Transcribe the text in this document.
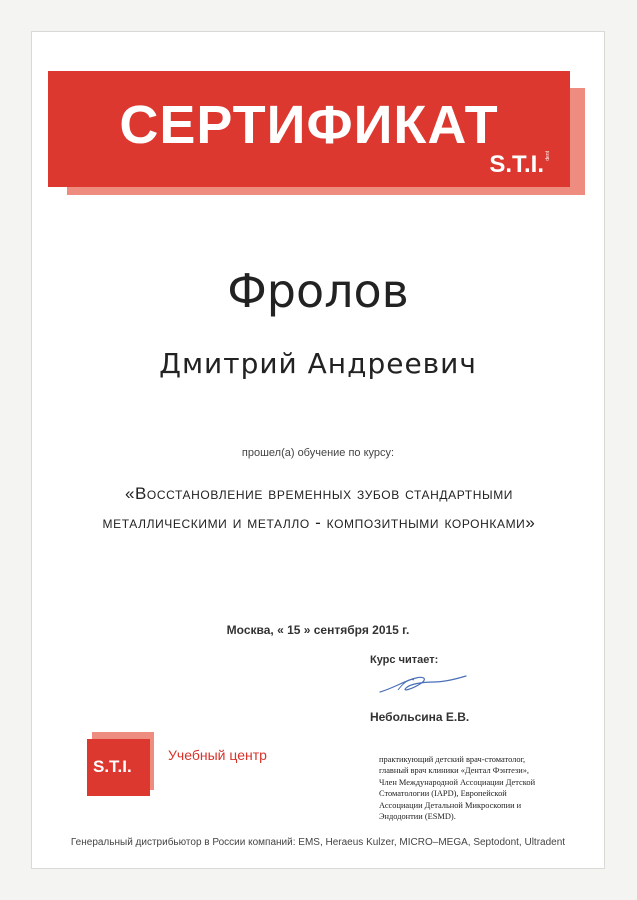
СЕРТИФИКАТ
S.T.I.dent
Фролов
Дмитрий Андреевич
прошел(а) обучение по курсу:
«Восстановление временных зубов стандартными металлическими и металло - композитными коронками»
Москва, « 15 » сентября 2015 г.
Курс читает:
Небольсина Е.В.
практикующий детский врач-стоматолог,
главный врач клиники «Дентал Фэнтези»,
Член Международной Ассоциации Детской
Стоматологии (IAPD), Европейской
Ассоциации Детальной Микроскопии и
Эндодонтии (ESMD).
S.T.I.
Учебный центр
Генеральный дистрибьютор в России компаний: EMS, Heraeus Kulzer, MICRO–MEGA, Septodont, Ultradent
